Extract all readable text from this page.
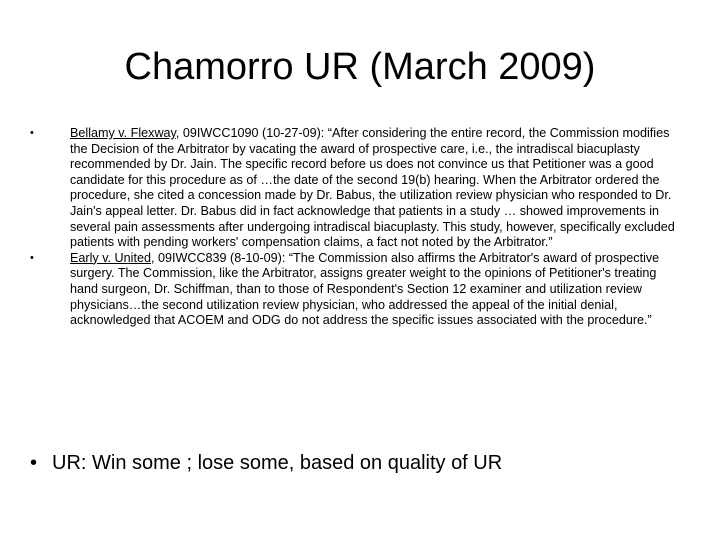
Chamorro UR (March 2009)
•	Bellamy v. Flexway, 09IWCC1090 (10-27-09): “After considering the entire record, the Commission modifies the Decision of the Arbitrator by vacating the award of prospective care, i.e., the intradiscal biacuplasty recommended by Dr. Jain. The specific record before us does not convince us that Petitioner was a good candidate for this procedure as of …the date of the second 19(b) hearing. When the Arbitrator ordered the procedure, she cited a concession made by Dr. Babus, the utilization review physician who responded to Dr. Jain's appeal letter. Dr. Babus did in fact acknowledge that patients in a study … showed improvements in several pain assessments after undergoing intradiscal biacuplasty. This study, however, specifically excluded patients with pending workers' compensation claims, a fact not noted by the Arbitrator.”

•	Early v. United, 09IWCC839 (8-10-09): “The Commission also affirms the Arbitrator's award of prospective surgery. The Commission, like the Arbitrator, assigns greater weight to the opinions of Petitioner's treating hand surgeon, Dr. Schiffman, than to those of Respondent's Section 12 examiner and utilization review physicians…the second utilization review physician, who addressed the appeal of the initial denial, acknowledged that ACOEM and ODG do not address the specific issues associated with the procedure.”

• UR: Win some ; lose some, based on quality of UR
